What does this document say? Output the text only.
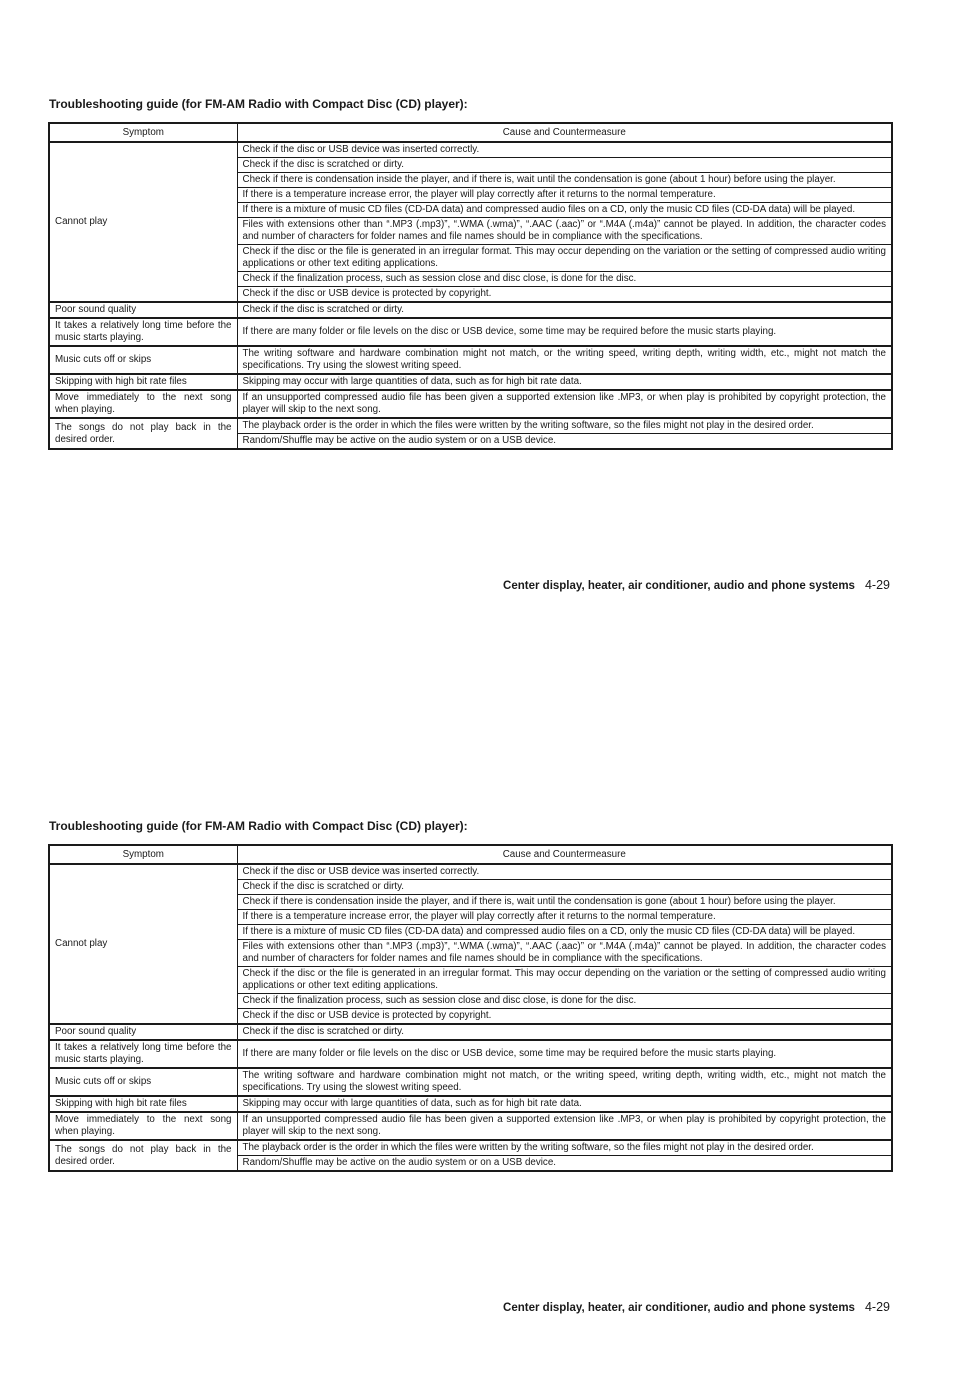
Troubleshooting guide (for FM-AM Radio with Compact Disc (CD) player):
Symptom	Cause and Countermeasure
Cannot play	Check if the disc or USB device was inserted correctly.
	Check if the disc is scratched or dirty.
	Check if there is condensation inside the player, and if there is, wait until the condensation is gone (about 1 hour) before using the player.
	If there is a temperature increase error, the player will play correctly after it returns to the normal temperature.
	If there is a mixture of music CD files (CD-DA data) and compressed audio files on a CD, only the music CD files (CD-DA data) will be played.
	Files with extensions other than “.MP3 (.mp3)”, “.WMA (.wma)”, “.AAC (.aac)” or “.M4A (.m4a)” cannot be played. In addition, the character codes and number of characters for folder names and file names should be in compliance with the specifications.
	Check if the disc or the file is generated in an irregular format. This may occur depending on the variation or the setting of compressed audio writing applications or other text editing applications.
	Check if the finalization process, such as session close and disc close, is done for the disc.
	Check if the disc or USB device is protected by copyright.
Poor sound quality	Check if the disc is scratched or dirty.
It takes a relatively long time before the music starts playing.	If there are many folder or file levels on the disc or USB device, some time may be required before the music starts playing.
Music cuts off or skips	The writing software and hardware combination might not match, or the writing speed, writing depth, writing width, etc., might not match the specifications. Try using the slowest writing speed.
Skipping with high bit rate files	Skipping may occur with large quantities of data, such as for high bit rate data.
Move immediately to the next song when playing.	If an unsupported compressed audio file has been given a supported extension like .MP3, or when play is prohibited by copyright protection, the player will skip to the next song.
The songs do not play back in the desired order.	The playback order is the order in which the files were written by the writing software, so the files might not play in the desired order.
	Random/Shuffle may be active on the audio system or on a USB device.
Center display, heater, air conditioner, audio and phone systems 4-29
Troubleshooting guide (for FM-AM Radio with Compact Disc (CD) player):
Symptom	Cause and Countermeasure
Cannot play	Check if the disc or USB device was inserted correctly.
	Check if the disc is scratched or dirty.
	Check if there is condensation inside the player, and if there is, wait until the condensation is gone (about 1 hour) before using the player.
	If there is a temperature increase error, the player will play correctly after it returns to the normal temperature.
	If there is a mixture of music CD files (CD-DA data) and compressed audio files on a CD, only the music CD files (CD-DA data) will be played.
	Files with extensions other than “.MP3 (.mp3)”, “.WMA (.wma)”, “.AAC (.aac)” or “.M4A (.m4a)” cannot be played. In addition, the character codes and number of characters for folder names and file names should be in compliance with the specifications.
	Check if the disc or the file is generated in an irregular format. This may occur depending on the variation or the setting of compressed audio writing applications or other text editing applications.
	Check if the finalization process, such as session close and disc close, is done for the disc.
	Check if the disc or USB device is protected by copyright.
Poor sound quality	Check if the disc is scratched or dirty.
It takes a relatively long time before the music starts playing.	If there are many folder or file levels on the disc or USB device, some time may be required before the music starts playing.
Music cuts off or skips	The writing software and hardware combination might not match, or the writing speed, writing depth, writing width, etc., might not match the specifications. Try using the slowest writing speed.
Skipping with high bit rate files	Skipping may occur with large quantities of data, such as for high bit rate data.
Move immediately to the next song when playing.	If an unsupported compressed audio file has been given a supported extension like .MP3, or when play is prohibited by copyright protection, the player will skip to the next song.
The songs do not play back in the desired order.	The playback order is the order in which the files were written by the writing software, so the files might not play in the desired order.
	Random/Shuffle may be active on the audio system or on a USB device.
Center display, heater, air conditioner, audio and phone systems 4-29
